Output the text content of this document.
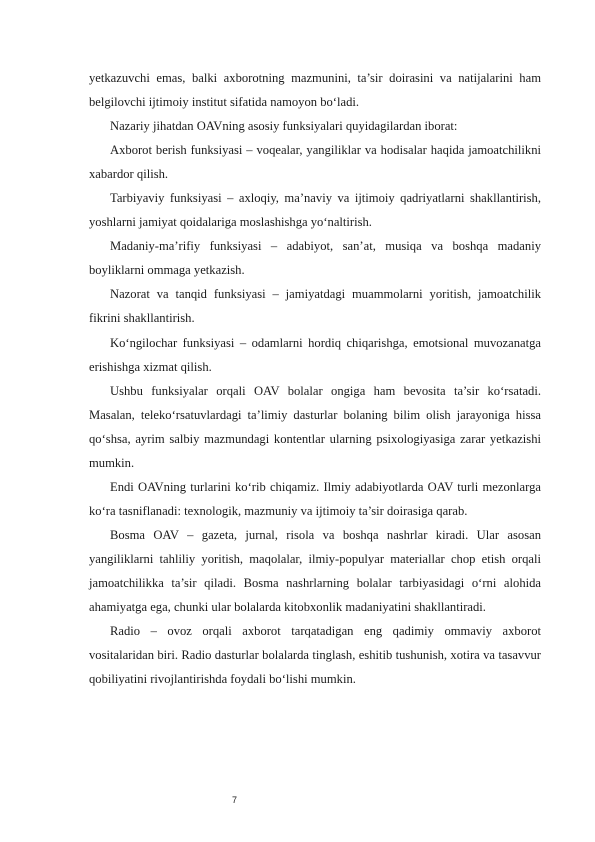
yetkazuvchi emas, balki axborotning mazmunini, ta’sir doirasini va natijalarini ham belgilovchi ijtimoiy institut sifatida namoyon bo‘ladi.

Nazariy jihatdan OAVning asosiy funksiyalari quyidagilardan iborat:

Axborot berish funksiyasi – voqealar, yangiliklar va hodisalar haqida jamoatchilikni xabardor qilish.

Tarbiyaviy funksiyasi – axloqiy, ma’naviy va ijtimoiy qadriyatlarni shakllantirish, yoshlarni jamiyat qoidalariga moslashishga yo‘naltirish.

Madaniy-ma’rifiy funksiyasi – adabiyot, san’at, musiqa va boshqa madaniy boyliklarni ommaga yetkazish.

Nazorat va tanqid funksiyasi – jamiyatdagi muammolarni yoritish, jamoatchilik fikrini shakllantirish.

Ko‘ngilochar funksiyasi – odamlarni hordiq chiqarishga, emotsional muvozanatga erishishga xizmat qilish.

Ushbu funksiyalar orqali OAV bolalar ongiga ham bevosita ta’sir ko‘rsatadi. Masalan, teleko‘rsatuvlardagi ta’limiy dasturlar bolaning bilim olish jarayoniga hissa qo‘shsa, ayrim salbiy mazmundagi kontentlar ularning psixologiyasiga zarar yetkazishi mumkin.

Endi OAVning turlarini ko‘rib chiqamiz. Ilmiy adabiyotlarda OAV turli mezonlarga ko‘ra tasniflanadi: texnologik, mazmuniy va ijtimoiy ta’sir doirasiga qarab.

Bosma OAV – gazeta, jurnal, risola va boshqa nashrlar kiradi. Ular asosan yangiliklarni tahliliy yoritish, maqolalar, ilmiy-populyar materiallar chop etish orqali jamoatchilikka ta’sir qiladi. Bosma nashrlarning bolalar tarbiyasidagi o‘rni alohida ahamiyatga ega, chunki ular bolalarda kitobxonlik madaniyatini shakllantiradi.

Radio – ovoz orqali axborot tarqatadigan eng qadimiy ommaviy axborot vositalaridan biri. Radio dasturlar bolalarda tinglash, eshitib tushunish, xotira va tasavvur qobiliyatini rivojlantirishda foydali bo‘lishi mumkin.

7
